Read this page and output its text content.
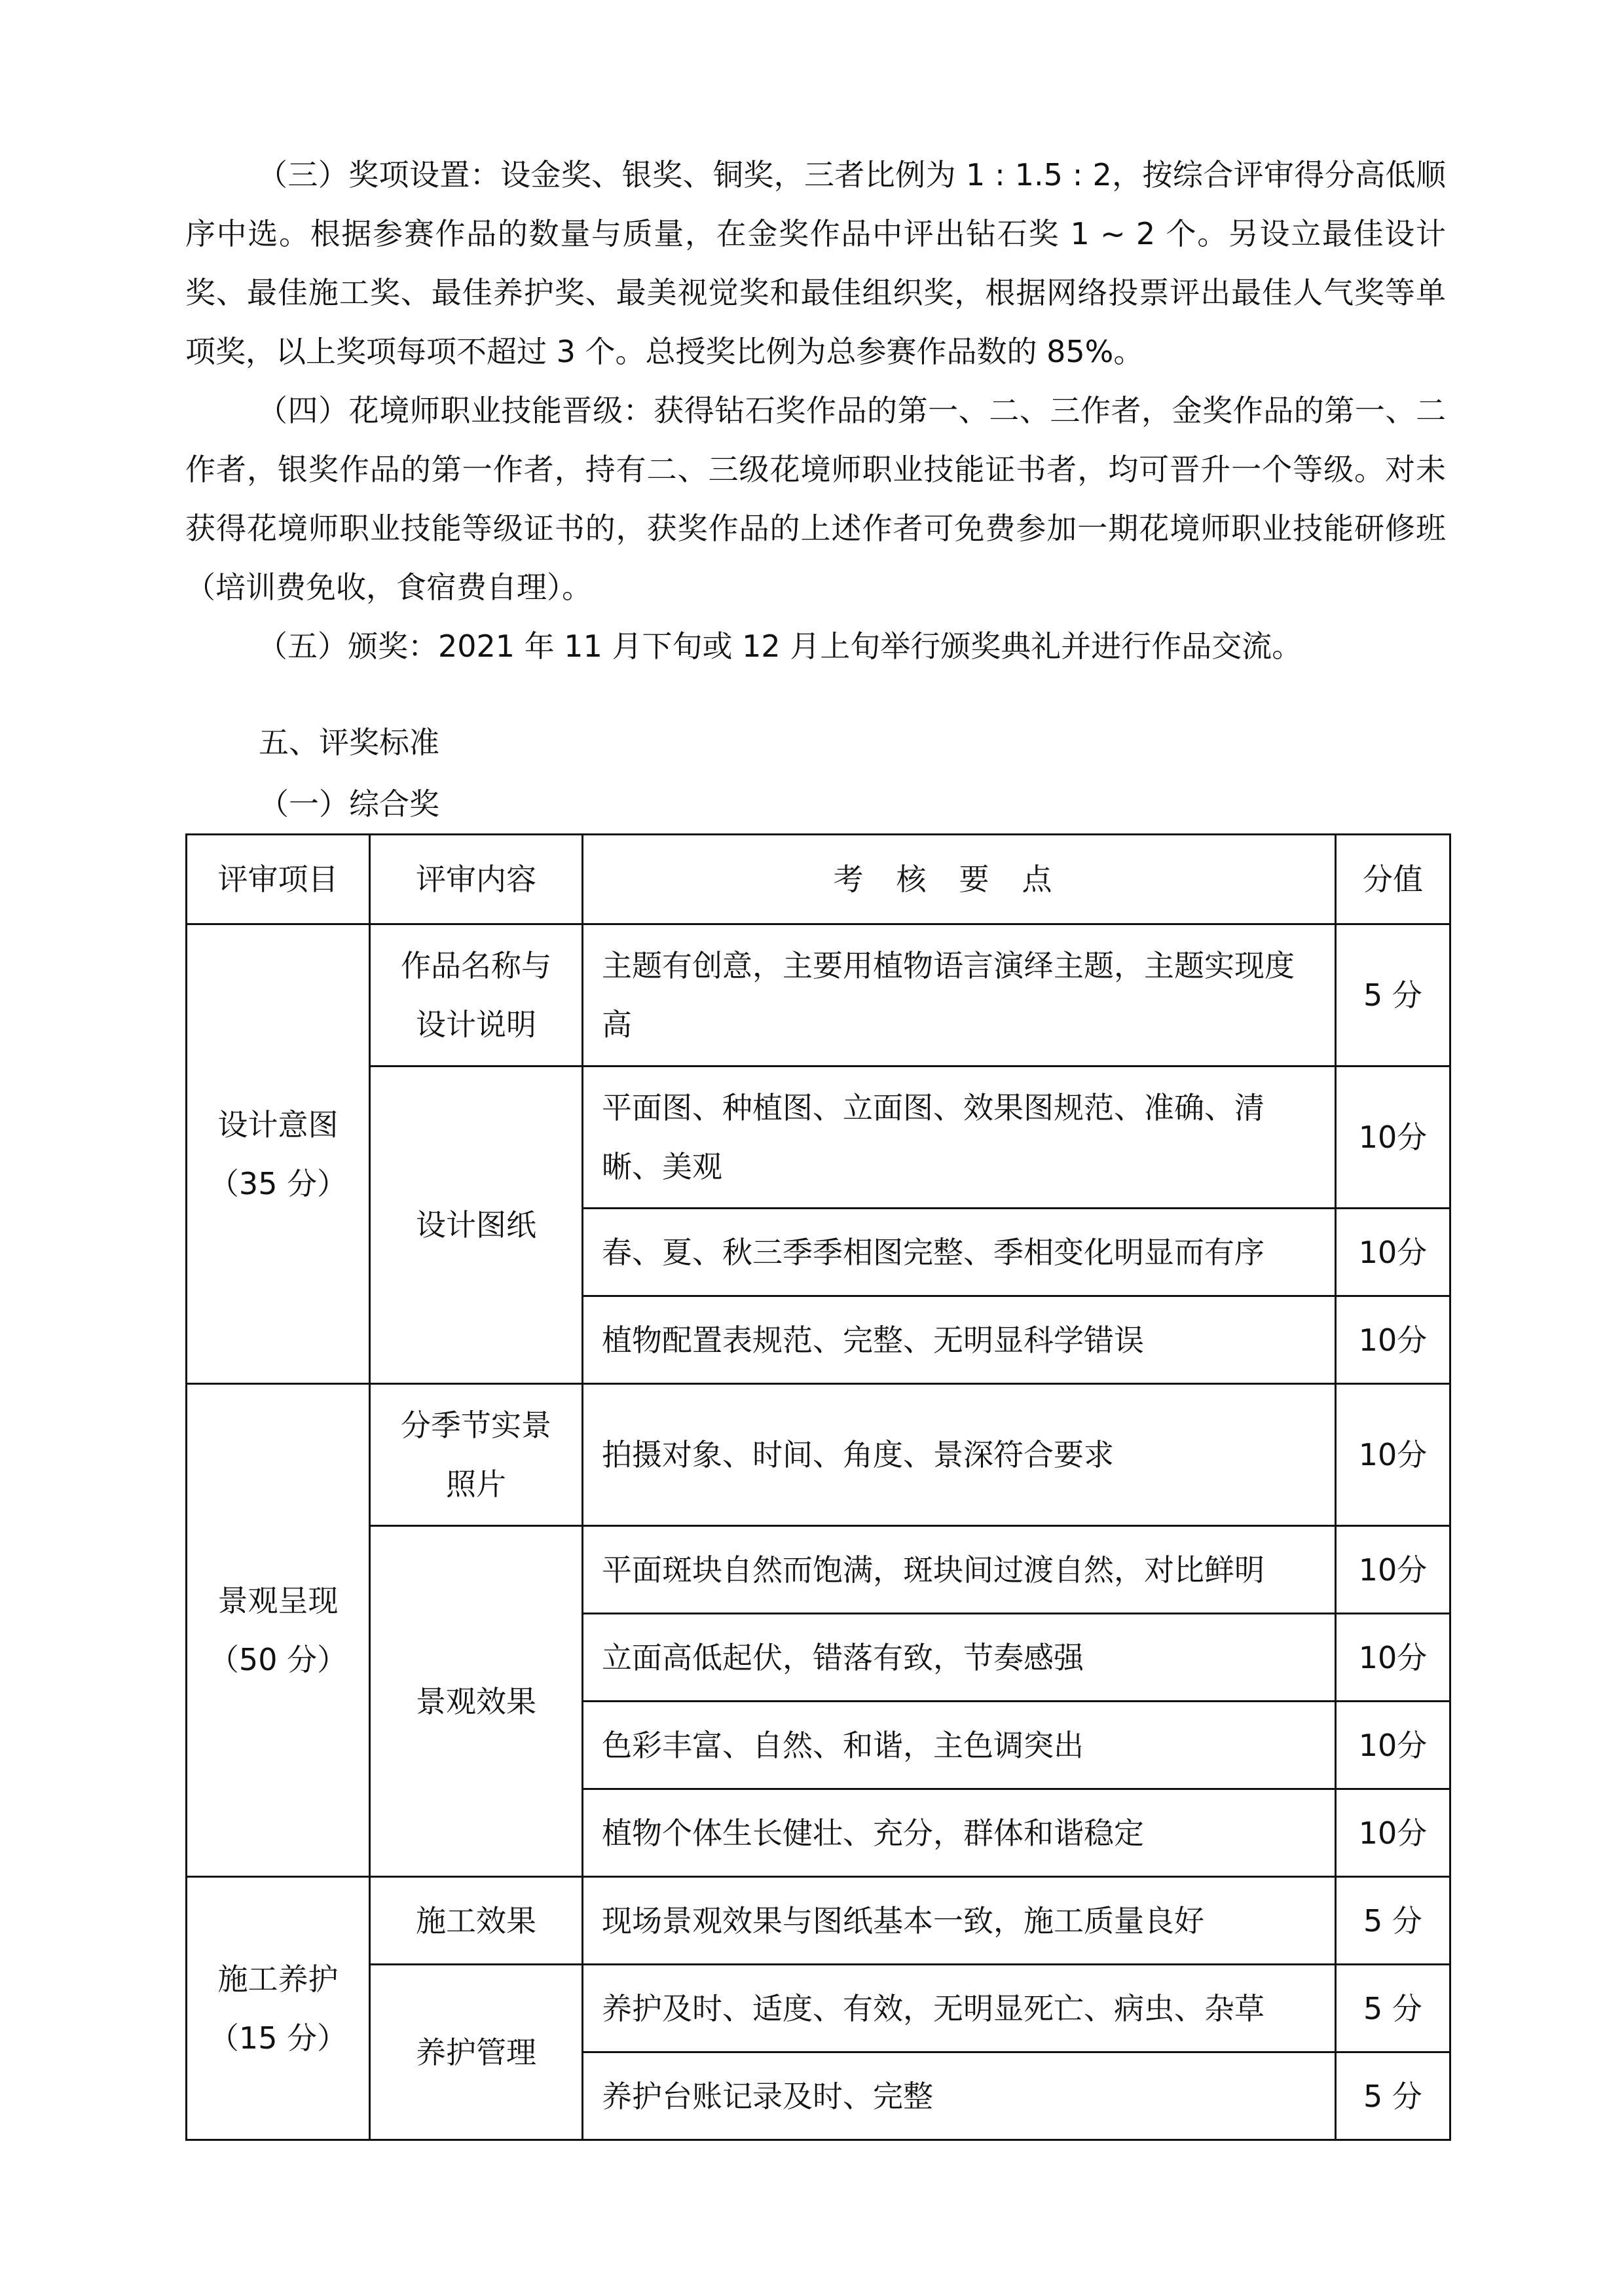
（三）奖项设置：设金奖、银奖、铜奖，三者比例为 1 : 1.5 : 2，按综合评审得分高低顺序中选。根据参赛作品的数量与质量，在金奖作品中评出钻石奖 1 ~ 2 个。另设立最佳设计奖、最佳施工奖、最佳养护奖、最美视觉奖和最佳组织奖，根据网络投票评出最佳人气奖等单项奖，以上奖项每项不超过 3 个。总授奖比例为总参赛作品数的 85%。

（四）花境师职业技能晋级：获得钻石奖作品的第一、二、三作者，金奖作品的第一、二作者，银奖作品的第一作者，持有二、三级花境师职业技能证书者，均可晋升一个等级。对未获得花境师职业技能等级证书的，获奖作品的上述作者可免费参加一期花境师职业技能研修班（培训费免收，食宿费自理）。

（五）颁奖：2021 年 11 月下旬或 12 月上旬举行颁奖典礼并进行作品交流。

五、评奖标准

（一）综合奖

评审项目	评审内容	考核要点	分值

设计意图
（35 分）	作品名称与设计说明	主题有创意，主要用植物语言演绎主题，主题实现度高	5 分
	设计图纸	平面图、种植图、立面图、效果图规范、准确、清晰、美观	10分
		春、夏、秋三季季相图完整、季相变化明显而有序	10分
		植物配置表规范、完整、无明显科学错误	10分

景观呈现
（50 分）	分季节实景照片	拍摄对象、时间、角度、景深符合要求	10分
	景观效果	平面斑块自然而饱满，斑块间过渡自然，对比鲜明	10分
		立面高低起伏，错落有致，节奏感强	10分
		色彩丰富、自然、和谐，主色调突出	10分
		植物个体生长健壮、充分，群体和谐稳定	10分

施工养护
（15 分）	施工效果	现场景观效果与图纸基本一致，施工质量良好	5 分
	养护管理	养护及时、适度、有效，无明显死亡、病虫、杂草	5 分
		养护台账记录及时、完整	5 分
